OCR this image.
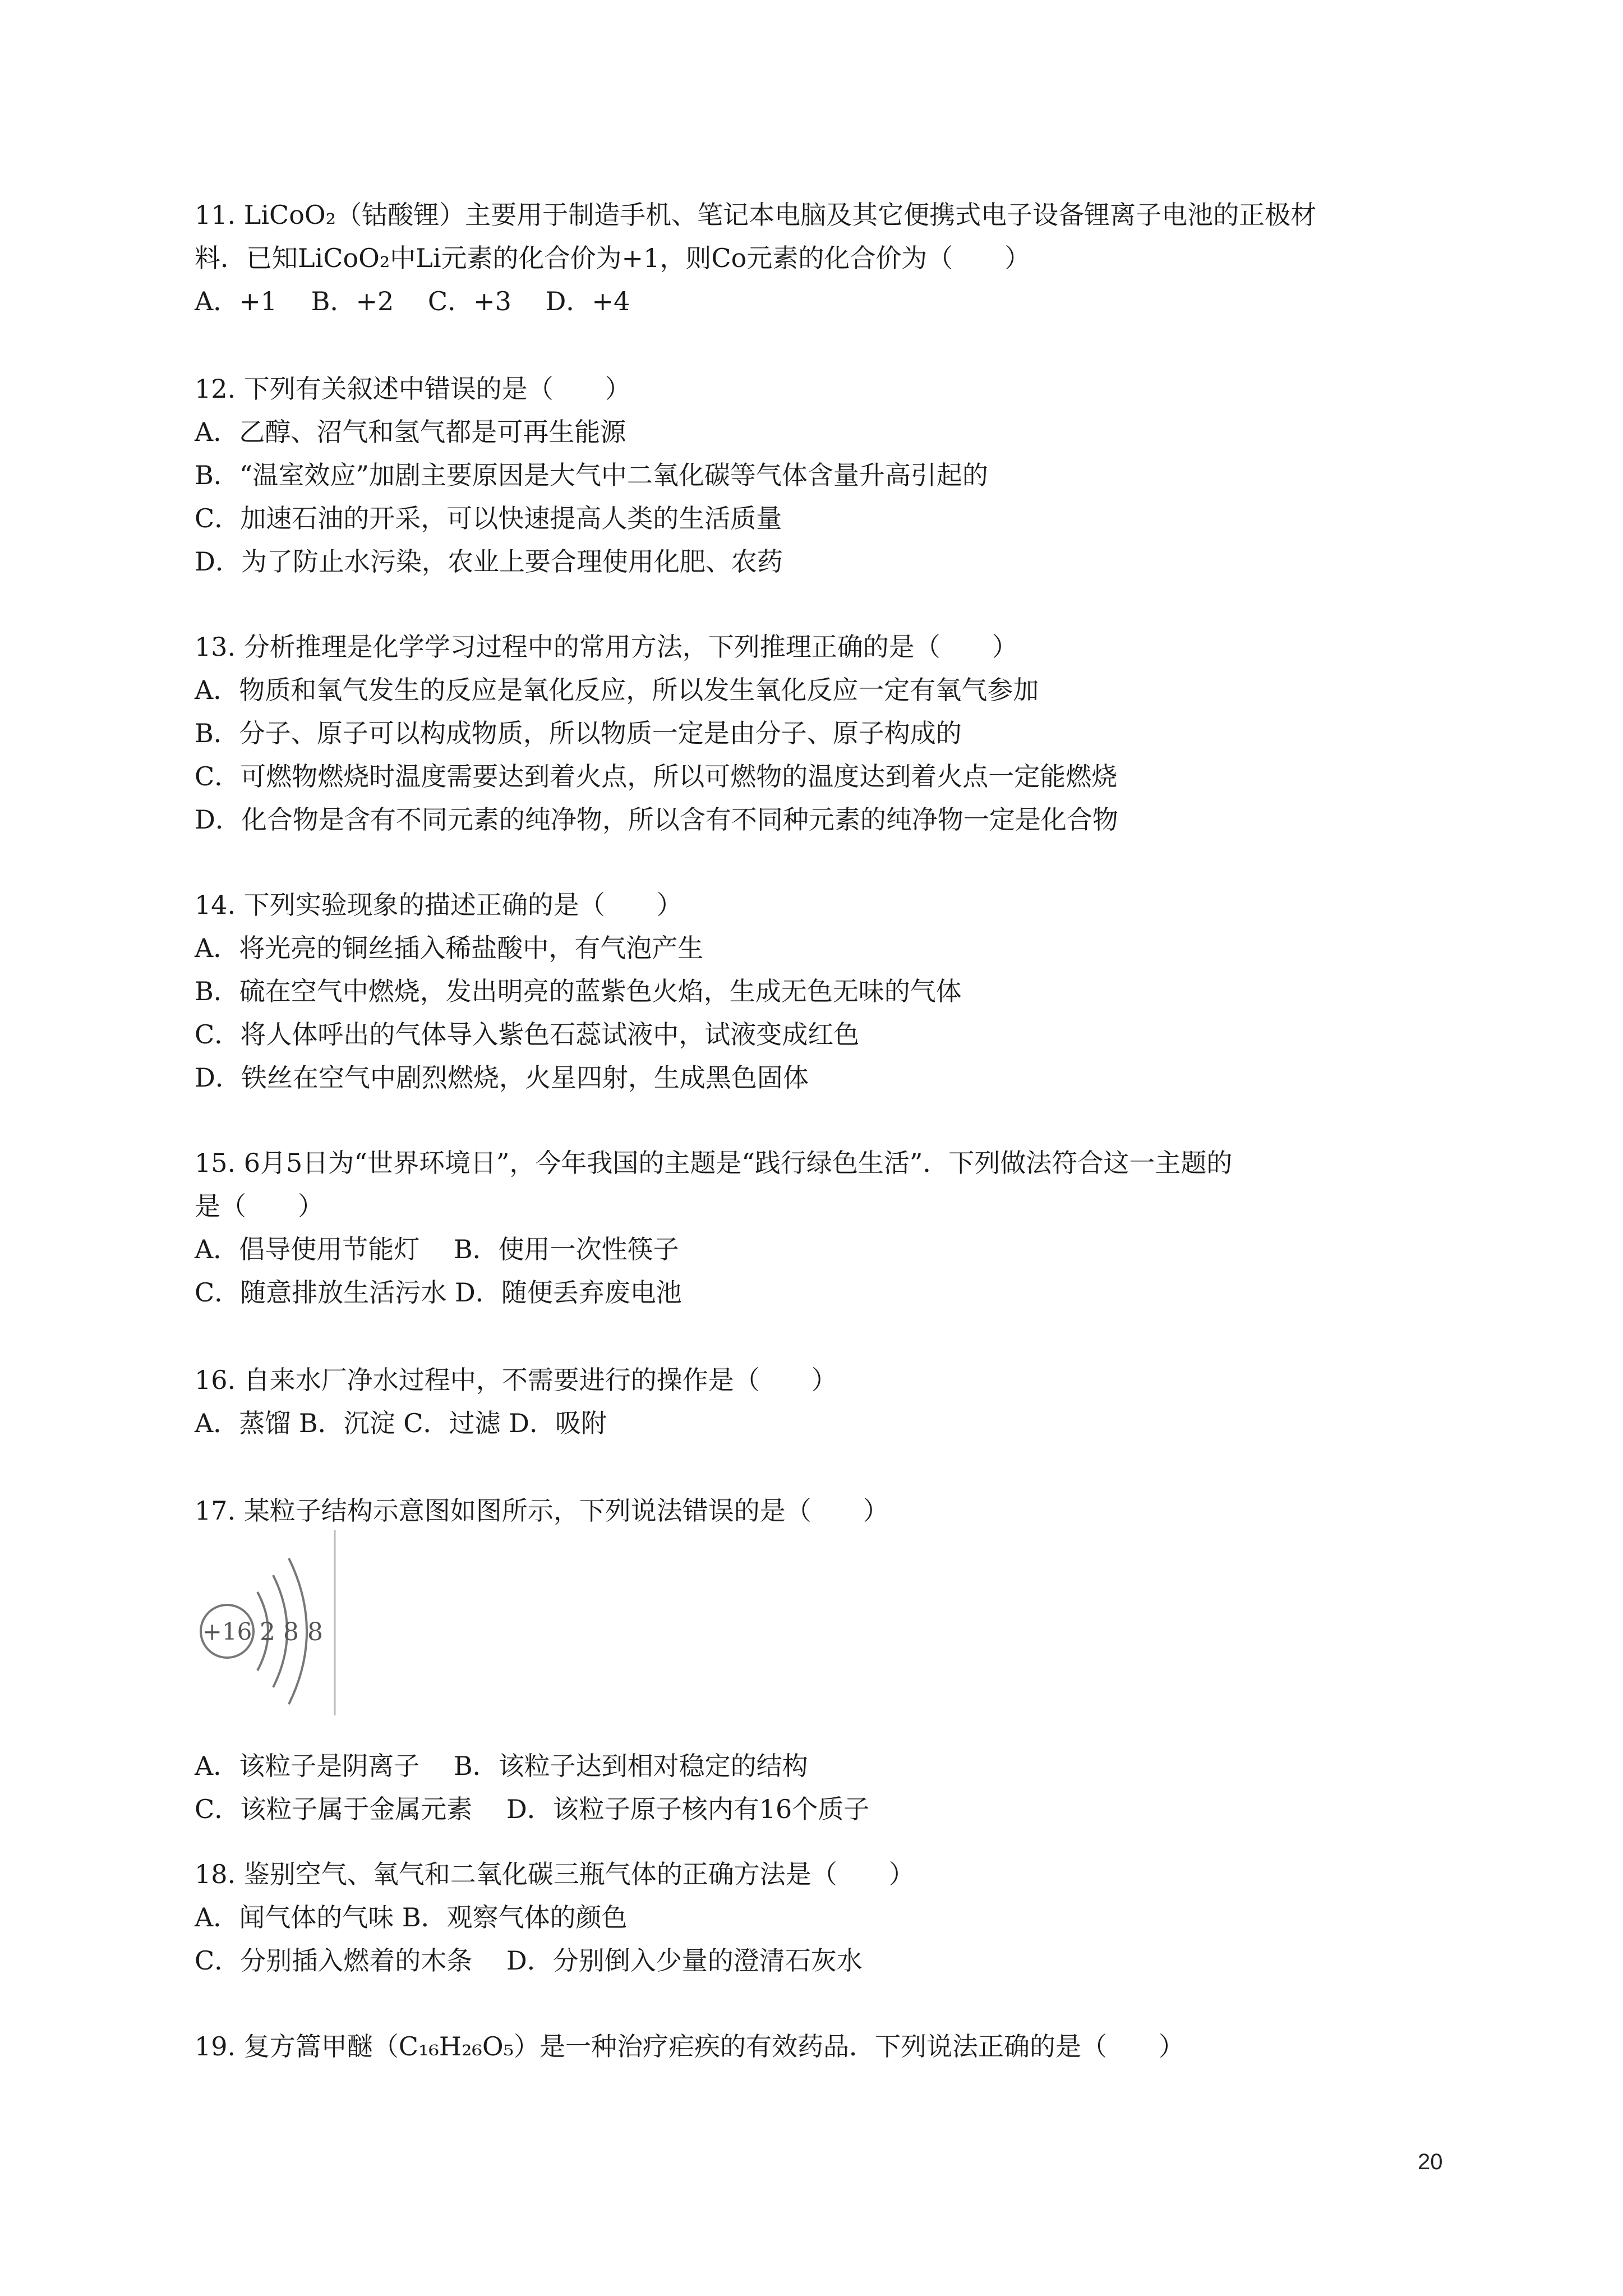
11. LiCoO₂（钴酸锂）主要用于制造手机、笔记本电脑及其它便携式电子设备锂离子电池的正极材
料．已知LiCoO₂中Li元素的化合价为+1，则Co元素的化合价为（　　）
A．+1　 B．+2　 C．+3　 D．+4
12. 下列有关叙述中错误的是（　　）
A．乙醇、沼气和氢气都是可再生能源
B．“温室效应”加剧主要原因是大气中二氧化碳等气体含量升高引起的
C．加速石油的开采，可以快速提高人类的生活质量
D．为了防止水污染，农业上要合理使用化肥、农药
13. 分析推理是化学学习过程中的常用方法，下列推理正确的是（　　）
A．物质和氧气发生的反应是氧化反应，所以发生氧化反应一定有氧气参加
B．分子、原子可以构成物质，所以物质一定是由分子、原子构成的
C．可燃物燃烧时温度需要达到着火点，所以可燃物的温度达到着火点一定能燃烧
D．化合物是含有不同元素的纯净物，所以含有不同种元素的纯净物一定是化合物
14. 下列实验现象的描述正确的是（　　）
A．将光亮的铜丝插入稀盐酸中，有气泡产生
B．硫在空气中燃烧，发出明亮的蓝紫色火焰，生成无色无味的气体
C．将人体呼出的气体导入紫色石蕊试液中，试液变成红色
D．铁丝在空气中剧烈燃烧，火星四射，生成黑色固体
15. 6月5日为“世界环境日”，今年我国的主题是“践行绿色生活”．下列做法符合这一主题的
是（　　）
A．倡导使用节能灯　 B．使用一次性筷子
C．随意排放生活污水 D．随便丢弃废电池
16. 自来水厂净水过程中，不需要进行的操作是（　　）
A．蒸馏 B．沉淀 C．过滤 D．吸附
17. 某粒子结构示意图如图所示，下列说法错误的是（　　）
+16 2 8 8
A．该粒子是阴离子　 B．该粒子达到相对稳定的结构
C．该粒子属于金属元素　 D．该粒子原子核内有16个质子
18. 鉴别空气、氧气和二氧化碳三瓶气体的正确方法是（　　）
A．闻气体的气味 B．观察气体的颜色
C．分别插入燃着的木条　 D．分别倒入少量的澄清石灰水
19. 复方篙甲醚（C₁₆H₂₆O₅）是一种治疗疟疾的有效药品．下列说法正确的是（　　）
20
